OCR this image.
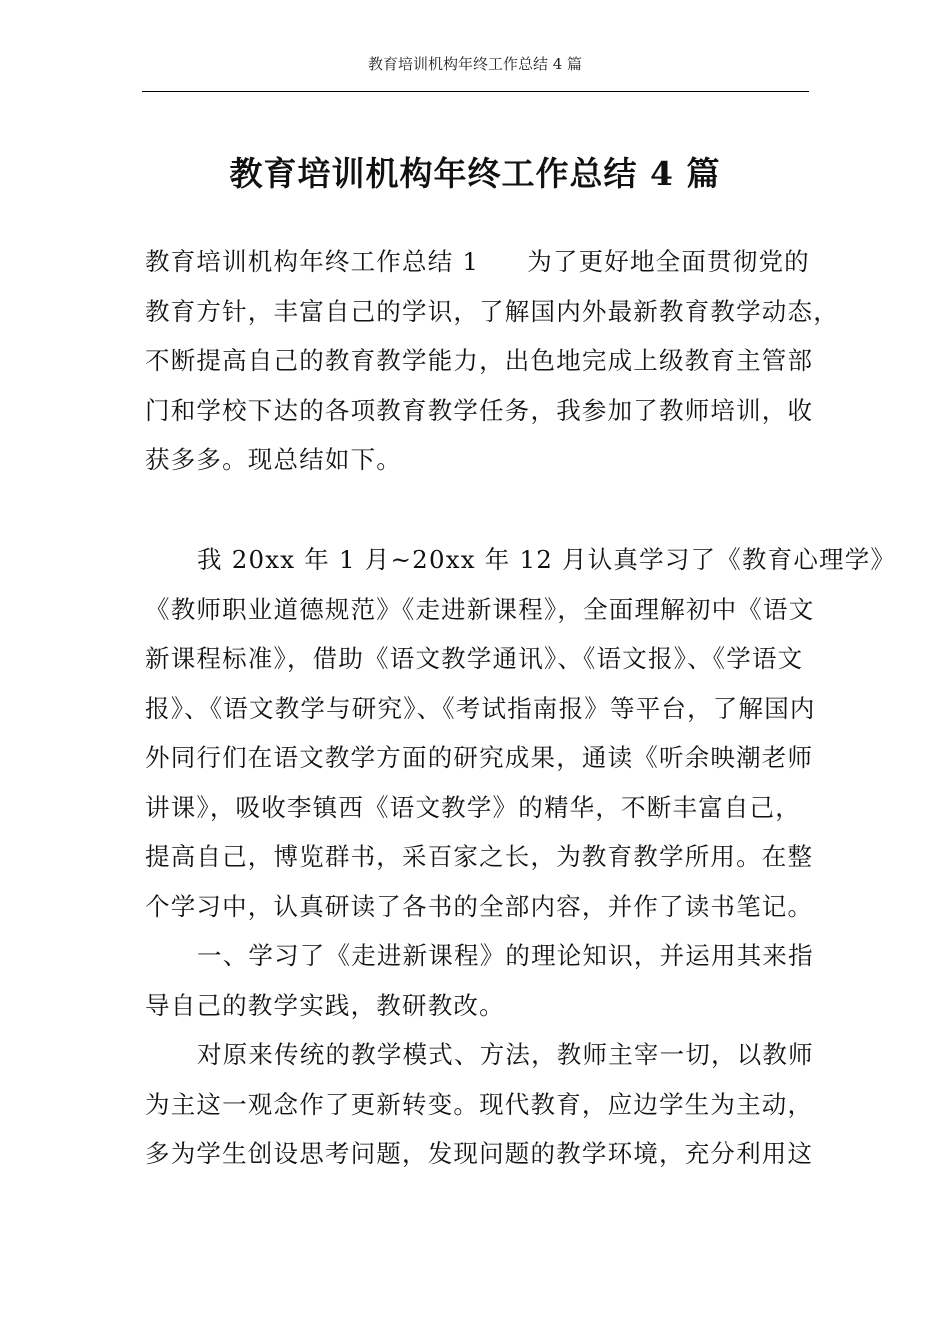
教育培训机构年终工作总结 4 篇
教育培训机构年终工作总结 4 篇
教育培训机构年终工作总结 1 为了更好地全面贯彻党的
教育方针，丰富自己的学识，了解国内外最新教育教学动态，
不断提高自己的教育教学能力，出色地完成上级教育主管部
门和学校下达的各项教育教学任务，我参加了教师培训，收
获多多。现总结如下。
我 20xx 年 1 月~20xx 年 12 月认真学习了《教育心理学》
《教师职业道德规范》《走进新课程》，全面理解初中《语文
新课程标准》，借助《语文教学通讯》、《语文报》、《学语文
报》、《语文教学与研究》、《考试指南报》等平台，了解国内
外同行们在语文教学方面的研究成果，通读《听余映潮老师
讲课》，吸收李镇西《语文教学》的精华，不断丰富自己，
提高自己，博览群书，采百家之长，为教育教学所用。在整
个学习中，认真研读了各书的全部内容，并作了读书笔记。
一、学习了《走进新课程》的理论知识，并运用其来指
导自己的教学实践，教研教改。
对原来传统的教学模式、方法，教师主宰一切，以教师
为主这一观念作了更新转变。现代教育，应边学生为主动，
多为学生创设思考问题，发现问题的教学环境，充分利用这
